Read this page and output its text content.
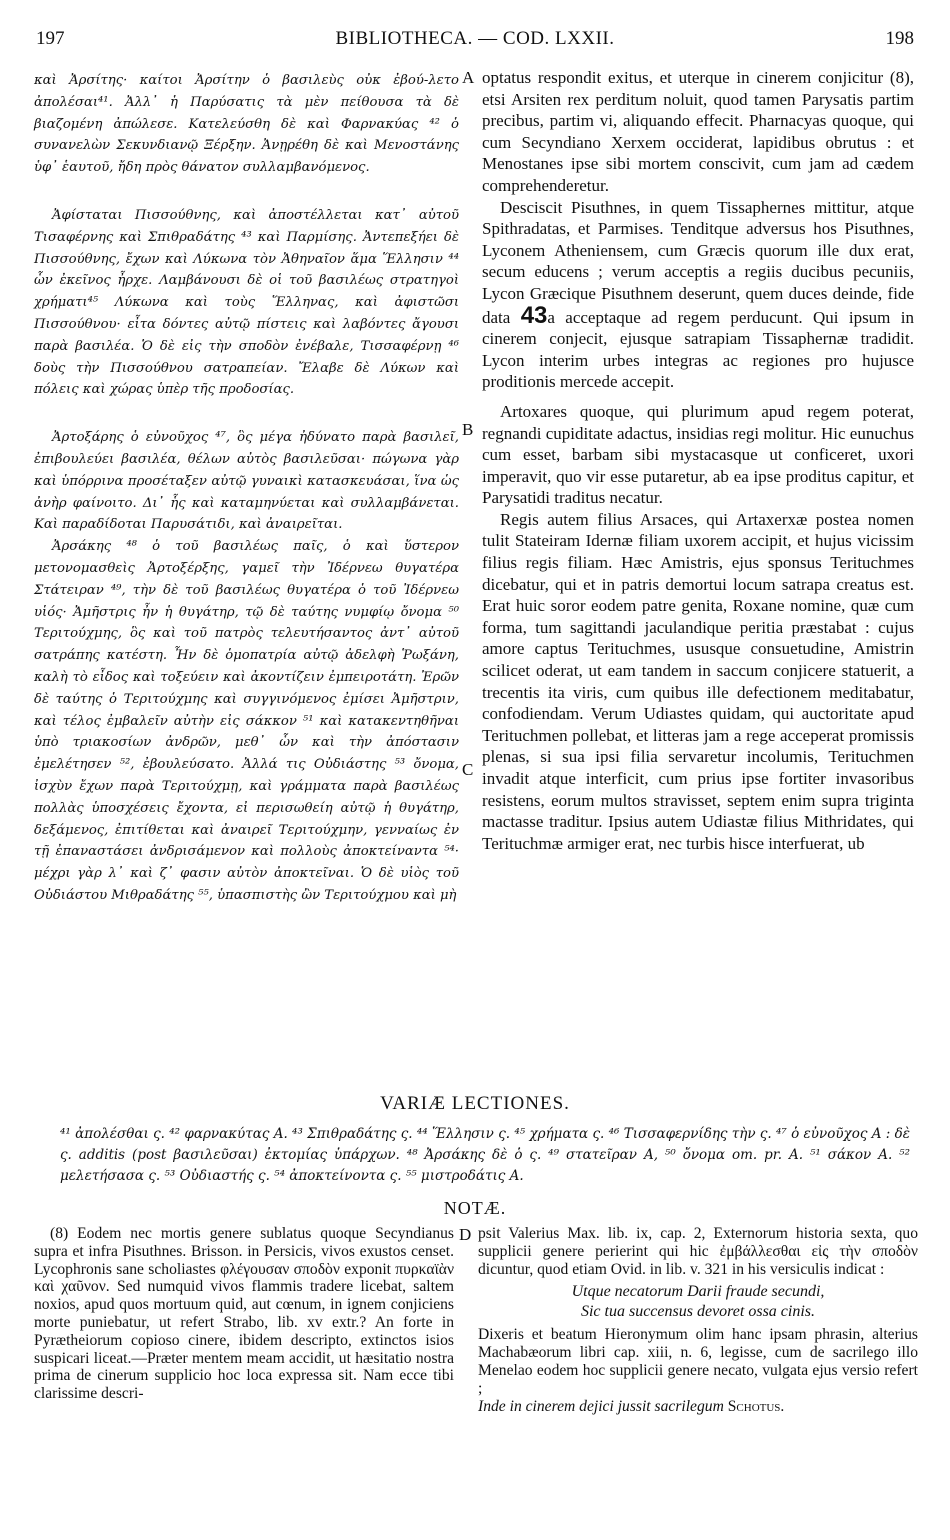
197	BIBLIOTHECA. — COD. LXXII.	198

καὶ Ἀρσίτης· καίτοι Ἀρσίτην ὁ βασιλεὺς οὐκ ἐβού-λετο ἀπολέσαι⁴¹. Ἀλλ᾽ ἡ Παρύσατις τὰ μὲν πείθουσα τὰ δὲ βιαζομένη ἀπώλεσε. Κατελεύσθη δὲ καὶ Φαρνακύας ⁴² ὁ συνανελὼν Σεκυνδιανῷ Ξέρξην. Ἀνῃρέθη δὲ καὶ Μενοστάνης ὑφ᾽ ἑαυτοῦ, ἤδη πρὸς θάνατον συλλαμβανόμενος.

Ἀφίσταται Πισσούθνης, καὶ ἀποστέλλεται κατ᾽ αὐτοῦ Τισαφέρνης καὶ Σπιθραδάτης ⁴³ καὶ Παρμίσης. Ἀντεπεξήει δὲ Πισσούθνης, ἔχων καὶ Λύκωνα τὸν Ἀθηναῖον ἅμα Ἕλλησιν ⁴⁴ ὧν ἐκεῖνος ἦρχε. Λαμβάνουσι δὲ οἱ τοῦ βασιλέως στρατηγοὶ χρήματι⁴⁵ Λύκωνα καὶ τοὺς Ἕλληνας, καὶ ἀφιστῶσι Πισσούθνου· εἶτα δόντες αὐτῷ πίστεις καὶ λαβόντες ἄγουσι παρὰ βασιλέα. Ὁ δὲ εἰς τὴν σποδὸν ἐνέβαλε, Τισσαφέρνῃ ⁴⁶ δοὺς τὴν Πισσούθνου σατραπείαν. Ἔλαβε δὲ Λύκων καὶ πόλεις καὶ χώρας ὑπὲρ τῆς προδοσίας.

Ἀρτοξάρης ὁ εὐνοῦχος ⁴⁷, ὃς μέγα ἠδύνατο παρὰ βασιλεῖ, ἐπιβουλεύει βασιλέα, θέλων αὐτὸς βασιλεῦσαι· πώγωνα γὰρ καὶ ὑπόρρινα προσέταξεν αὐτῷ γυναικὶ κατασκευάσαι, ἵνα ὡς ἀνὴρ φαίνοιτο. Δι᾽ ἧς καὶ καταμηνύεται καὶ συλλαμβάνεται. Καὶ παραδίδοται Παρυσάτιδι, καὶ ἀναιρεῖται.

Ἀρσάκης ⁴⁸ ὁ τοῦ βασιλέως παῖς, ὁ καὶ ὕστερον μετονομασθεὶς Ἀρτοξέρξης, γαμεῖ τὴν Ἰδέρνεω θυγατέρα Στάτειραν ⁴⁹, τὴν δὲ τοῦ βασιλέως θυγατέρα ὁ τοῦ Ἰδέρνεω υἱός· Ἀμῆστρις ἦν ἡ θυγάτηρ, τῷ δὲ ταύτης νυμφίῳ ὄνομα ⁵⁰ Τεριτούχμης, ὃς καὶ τοῦ πατρὸς τελευτήσαντος ἀντ᾽ αὐτοῦ σατράπης κατέστη. Ἦν δὲ ὁμοπατρία αὐτῷ ἀδελφὴ Ῥωξάνη, καλὴ τὸ εἶδος καὶ τοξεύειν καὶ ἀκοντίζειν ἐμπειροτάτη. Ἐρῶν δὲ ταύτης ὁ Τεριτούχμης καὶ συγγινόμενος ἐμίσει Ἀμῆστριν, καὶ τέλος ἐμβαλεῖν αὐτὴν εἰς σάκκον ⁵¹ καὶ κατακεντηθῆναι ὑπὸ τριακοσίων ἀνδρῶν, μεθ᾽ ὧν καὶ τὴν ἀπόστασιν ἐμελέτησεν ⁵², ἐβουλεύσατο. Ἀλλά τις Οὐδιάστης ⁵³ ὄνομα, ἰσχὺν ἔχων παρὰ Τεριτούχμῃ, καὶ γράμματα παρὰ βασιλέως πολλὰς ὑποσχέσεις ἔχοντα, εἰ περισωθείη αὐτῷ ἡ θυγάτηρ, δεξάμενος, ἐπιτίθεται καὶ ἀναιρεῖ Τεριτούχμην, γενναίως ἐν τῇ ἐπαναστάσει ἀνδρισάμενον καὶ πολλοὺς ἀποκτείναντα ⁵⁴· μέχρι γὰρ λ᾽ καὶ ζ᾽ φασιν αὐτὸν ἀποκτεῖναι. Ὁ δὲ υἱὸς τοῦ Οὐδιάστου Μιθραδάτης ⁵⁵, ὑπασπιστὴς ὢν Τεριτούχμου καὶ μὴ

A
B
C

optatus respondit exitus, et uterque in cinerem conjicitur (8), etsi Arsiten rex perditum noluit, quod tamen Parysatis partim precibus, partim vi, aliquando effecit. Pharnacyas quoque, qui cum Secyndiano Xerxem occiderat, lapidibus obrutus : et Menostanes ipse sibi mortem conscivit, cum jam ad cædem comprehenderetur.

Desciscit Pisuthnes, in quem Tissaphernes mittitur, atque Spithradatas, et Parmises. Tenditque adversus hos Pisuthnes, Lyconem Atheniensem, cum Græcis quorum ille dux erat, secum educens ; verum acceptis a regiis ducibus pecuniis, Lycon Græcique Pisuthnem deserunt, quem duces deinde, fide data 43a acceptaque ad regem perducunt. Qui ipsum in cinerem conjecit, ejusque satrapiam Tissaphernæ tradidit. Lycon interim urbes integras ac regiones pro hujusce proditionis mercede accepit.

Artoxares quoque, qui plurimum apud regem poterat, regnandi cupiditate adactus, insidias regi molitur. Hic eunuchus cum esset, barbam sibi mystacasque ut conficeret, uxori imperavit, quo vir esse putaretur, ab ea ipse proditus capitur, et Parysatidi traditus necatur.

Regis autem filius Arsaces, qui Artaxerxæ postea nomen tulit Stateiram Idernæ filiam uxorem accipit, et hujus vicissim filius regis filiam. Hæc Amistris, ejus sponsus Terituchmes dicebatur, qui et in patris demortui locum satrapa creatus est. Erat huic soror eodem patre genita, Roxane nomine, quæ cum forma, tum sagittandi jaculandique peritia præstabat : cujus amore captus Terituchmes, ususque consuetudine, Amistrin scilicet oderat, ut eam tandem in saccum conjicere statuerit, a trecentis ita viris, cum quibus ille defectionem meditabatur, confodiendam. Verum Udiastes quidam, qui auctoritate apud Terituchmen pollebat, et litteras jam a rege acceperat promissis plenas, si sua ipsi filia servaretur incolumis, Terituchmen invadit atque interficit, cum prius ipse fortiter invasoribus resistens, eorum multos stravisset, septem enim supra triginta mactasse traditur. Ipsius autem Udiastæ filius Mithridates, qui Terituchmæ armiger erat, nec turbis hisce interfuerat, ub

VARIÆ LECTIONES.
⁴¹ ἀπολέσθαι ς. ⁴² φαρνακύτας A. ⁴³ Σπιθραδάτης ς. ⁴⁴ Ἕλλησιν ς. ⁴⁵ χρήματα ς. ⁴⁶ Τισσαφερνίδης τὴν ς. ⁴⁷ ὁ εὐνοῦχος A : δὲ ς. additis (post βασιλεῦσαι) ἐκτομίας ὑπάρχων. ⁴⁸ Ἀρσάκης δὲ ὁ ς. ⁴⁹ στατεῖραν A, ⁵⁰ ὄνομα om. pr. A. ⁵¹ σάκον A. ⁵² μελετήσασα ς. ⁵³ Οὐδιαστής ς. ⁵⁴ ἀποκτείνοντα ς. ⁵⁵ μιστροδάτις A.
NOTÆ.

(8) Eodem nec mortis genere sublatus quoque Secyndianus supra et infra Pisuthnes. Brisson. in Persicis, vivos exustos censet. Lycophronis sane scholiastes φλέγουσαν σποδὸν exponit πυρκαϊὰν καὶ χαῦνον. Sed numquid vivos flammis tradere licebat, saltem noxios, apud quos mortuum quid, aut cœnum, in ignem conjiciens morte puniebatur, ut refert Strabo, lib. xv extr.? An forte in Pyrætheiorum copioso cinere, ibidem descripto, extinctos isios suspicari liceat.—Præter mentem meam accidit, ut hæsitatio nostra prima de cinerum supplicio hoc loca expressa sit. Nam ecce tibi clarissime descri-

D psit Valerius Max. lib. ix, cap. 2, Externorum historia sexta, quo supplicii genere perierint qui hic ἐμβάλλεσθαι εἰς τὴν σποδὸν dicuntur, quod etiam Ovid. in lib. v. 321 in his versiculis indicat :

Utque necatorum Darii fraude secundi,

Sic tua succensus devoret ossa cinis.

Dixeris et beatum Hieronymum olim hanc ipsam phrasin, alterius Machabæorum libri cap. xiii, n. 6, legisse, cum de sacrilego illo Menelao eodem hoc supplicii genere necato, vulgata ejus versio refert ;

Inde in cinerem dejici jussit sacrilegum Schotus.
